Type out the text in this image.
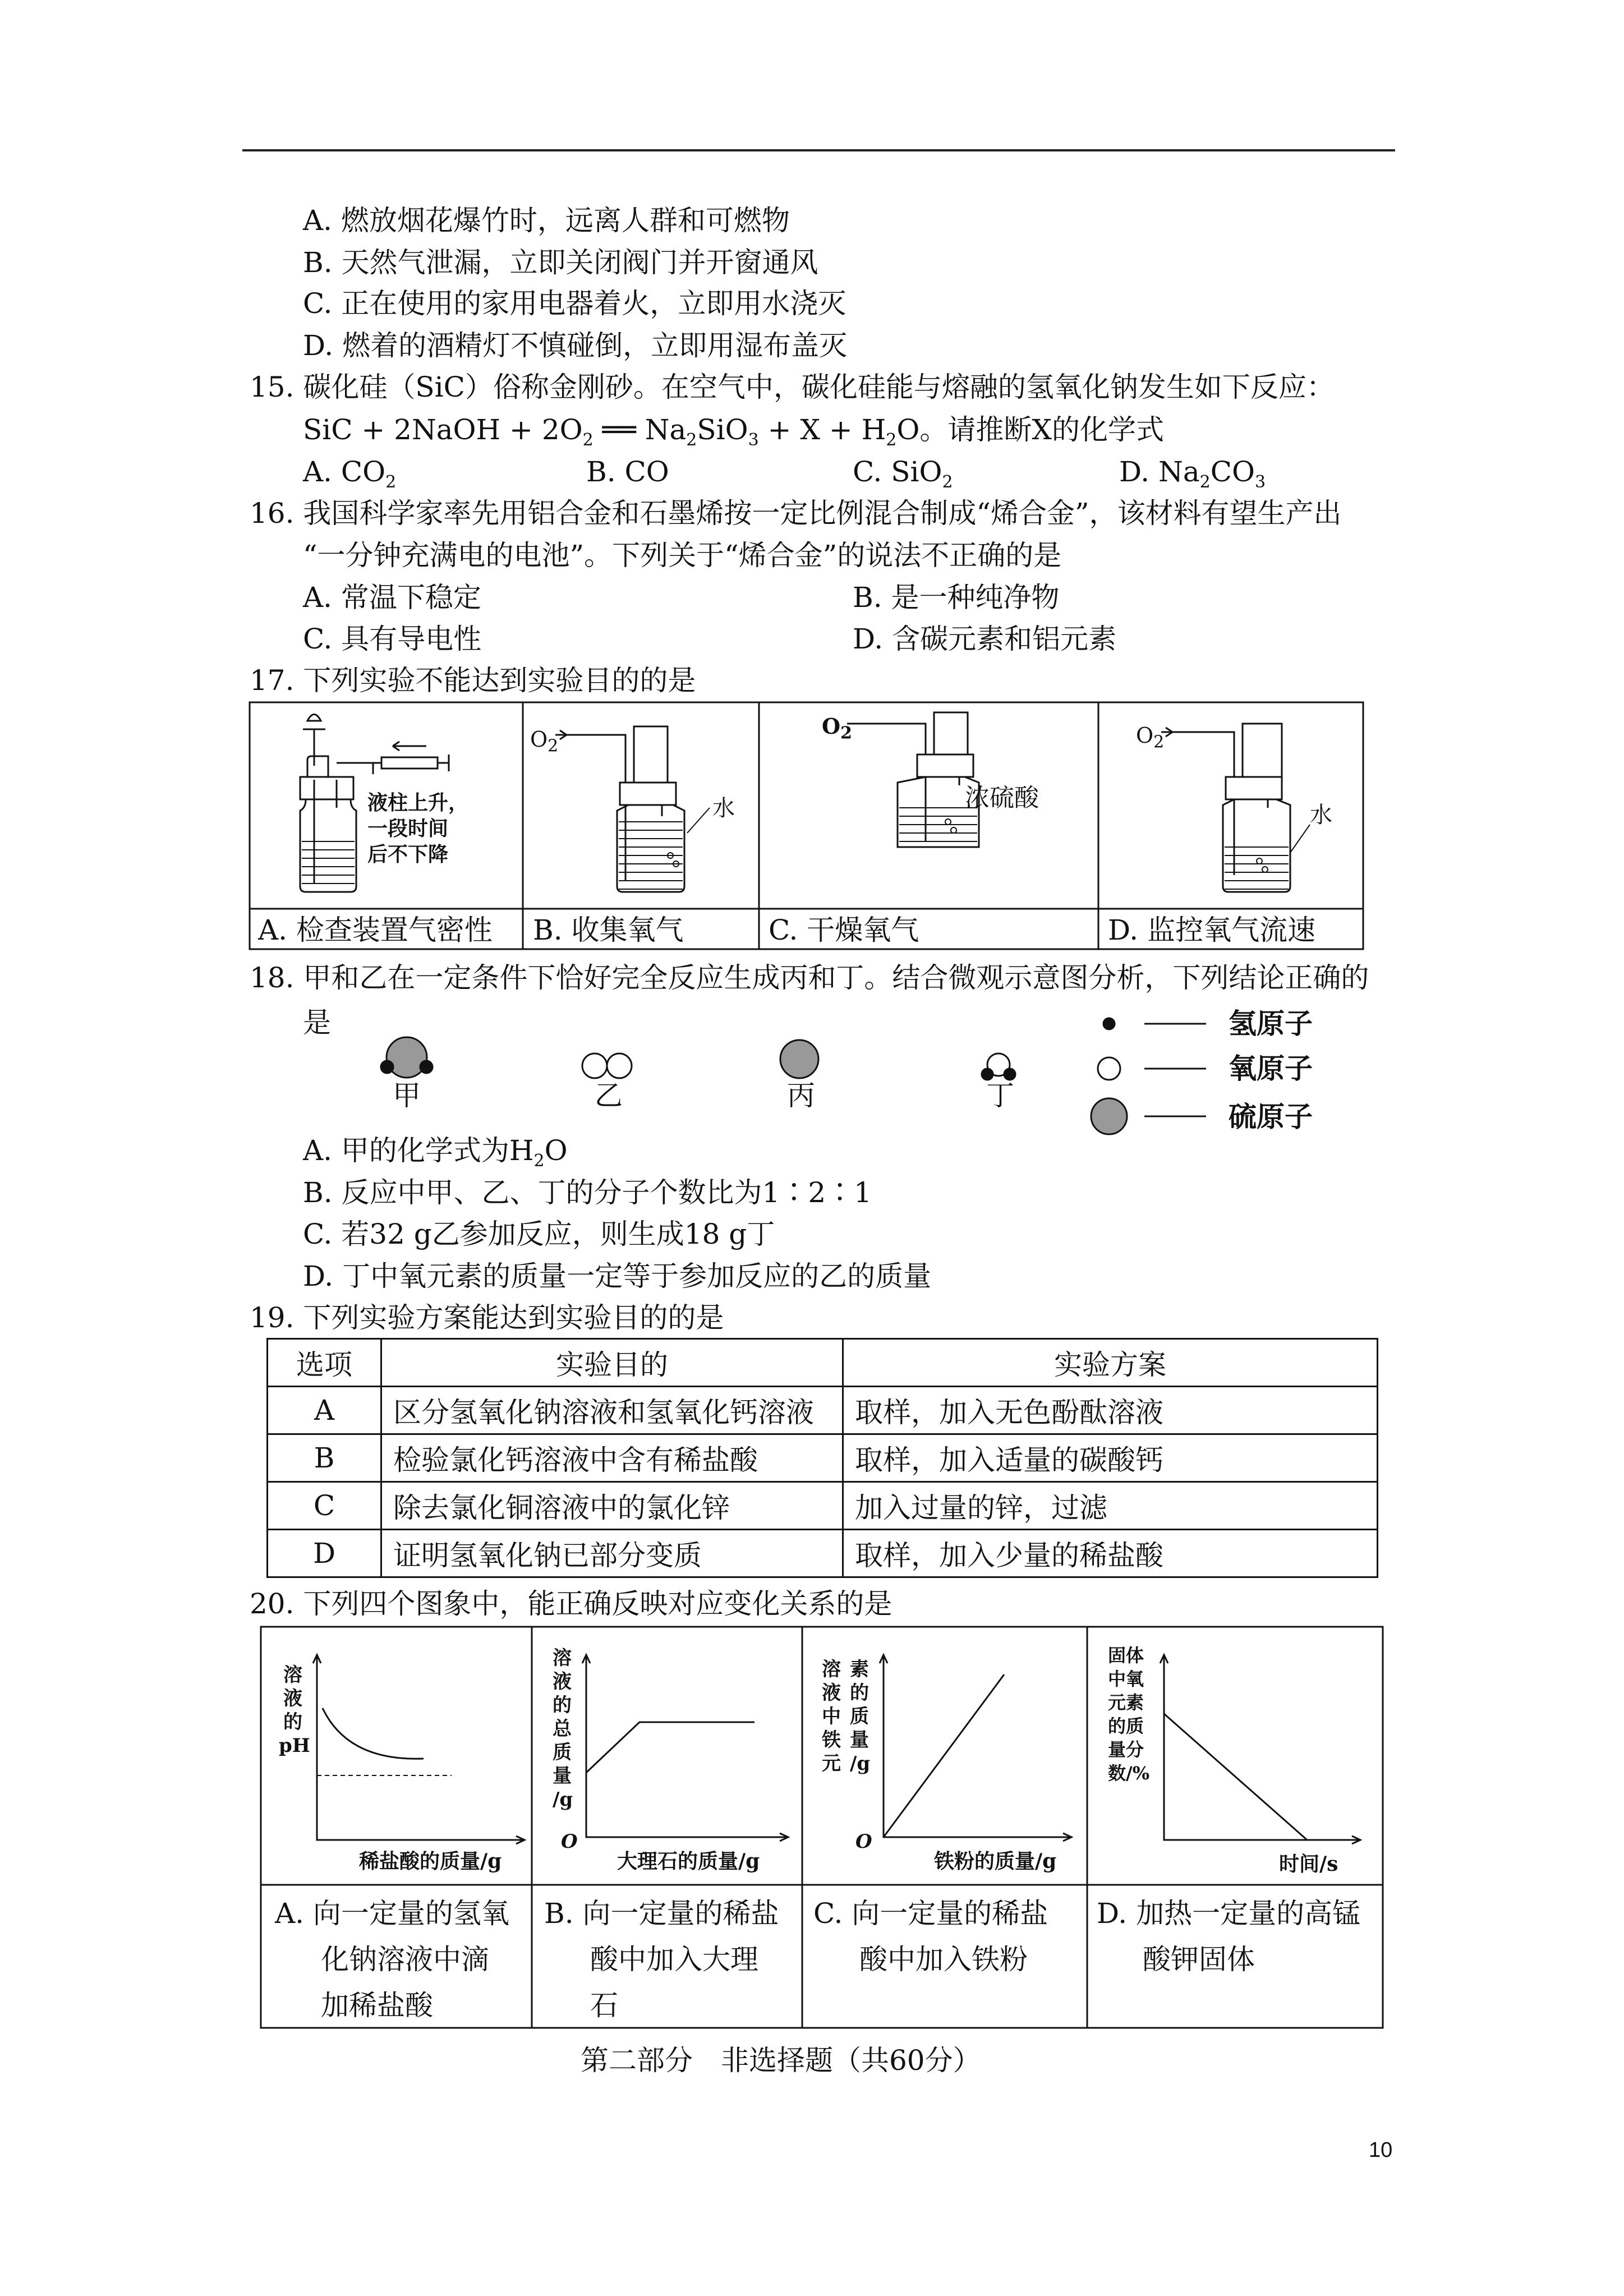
A. 燃放烟花爆竹时，远离人群和可燃物
B. 天然气泄漏，立即关闭阀门并开窗通风
C. 正在使用的家用电器着火，立即用水浇灭
D. 燃着的酒精灯不慎碰倒，立即用湿布盖灭
15. 碳化硅（SiC）俗称金刚砂。在空气中，碳化硅能与熔融的氢氧化钠发生如下反应：
SiC + 2NaOH + $2O_2$ ══ $Na_2SiO_3 + X + H_2O$。请推断X的化学式
A. $CO_2$	B. CO	C. SiO$_2$	D. $Na_2CO_3$
16. 我国科学家率先用铝合金和石墨烯按一定比例混合制成“烯合金”，该材料有望生产出
“一分钟充满电的电池”。下列关于“烯合金”的说法不正确的是
A. 常温下稳定	B. 是一种纯净物
C. 具有导电性	D. 含碳元素和铝元素
17. 下列实验不能达到实验目的的是
液柱上升，
一段时间
后不下降
$O_2$
水
$O_2$
浓硫酸
$O_2$
水
A. 检查装置气密性 B. 收集氧气	C. 干燥氧气	D. 监控氧气流速
18. 甲和乙在一定条件下恰好完全反应生成丙和丁。结合微观示意图分析，下列结论正确的
是
甲	乙	丙	丁
氢原子
氧原子
硫原子
A. 甲的化学式为$H_2O$
B. 反应中甲、乙、丁的分子个数比为1∶2∶1
C. 若32 g乙参加反应，则生成18 g丁
D. 丁中氧元素的质量一定等于参加反应的乙的质量
19. 下列实验方案能达到实验目的的是
选项	实验目的	实验方案
A	区分氢氧化钠溶液和氢氧化钙溶液	取样，加入无色酚酞溶液
B	检验氯化钙溶液中含有稀盐酸	取样，加入适量的碳酸钙
C	除去氯化铜溶液中的氯化锌	加入过量的锌，过滤
D	证明氢氧化钠已部分变质	取样，加入少量的稀盐酸
20. 下列四个图象中，能正确反映对应变化关系的是
溶
液
的
pH
稀盐酸的质量/g
溶
液
的
总
质
量
/g
O
大理石的质量/g
溶
液
中
铁
元
素
的
质
量
/g
O
铁粉的质量/g
固体
中氧
元素
的质
量分
数/%
时间/s
A. 向一定量的氢氧
化钠溶液中滴
加稀盐酸
B. 向一定量的稀盐
酸中加入大理
石
C. 向一定量的稀盐
酸中加入铁粉
D. 加热一定量的高锰
酸钾固体
第二部分　非选择题（共60分）
10
